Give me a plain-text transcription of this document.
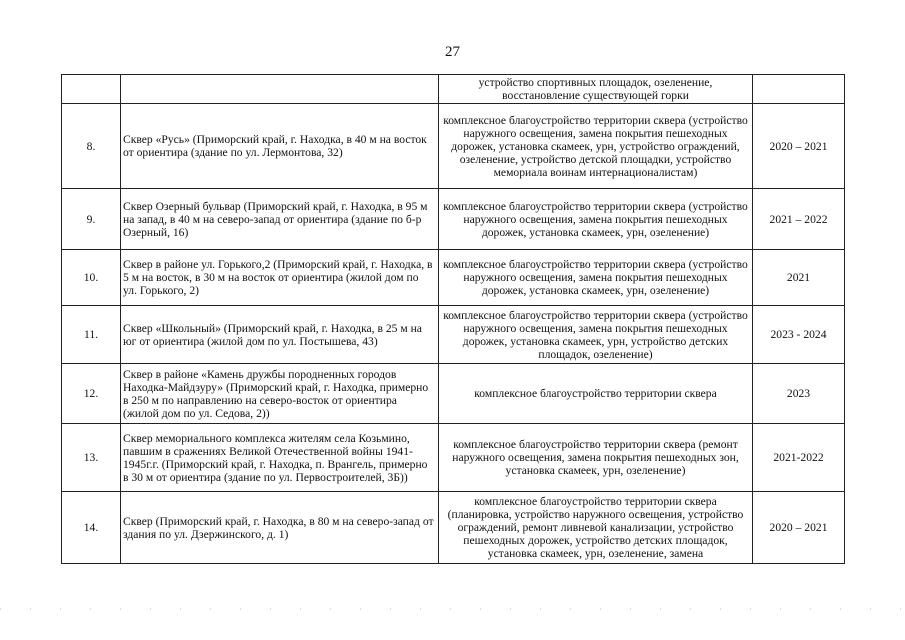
27
		устройство спортивных площадок, озеленение, восстановление существующей горки	
8.	Сквер «Русь» (Приморский край, г. Находка, в 40 м на восток от ориентира (здание по ул. Лермонтова, 32)	комплексное благоустройство территории сквера (устройство наружного освещения, замена покрытия пешеходных дорожек, установка скамеек, урн, устройство ограждений, озеленение, устройство детской площадки, устройство мемориала воинам интернационалистам)	2020 – 2021
9.	Сквер Озерный бульвар (Приморский край, г. Находка, в 95 м на запад, в 40 м на северо-запад от ориентира (здание по б-р Озерный, 16)	комплексное благоустройство территории сквера (устройство наружного освещения, замена покрытия пешеходных дорожек, установка скамеек, урн, озеленение)	2021 – 2022
10.	Сквер в районе ул. Горького,2 (Приморский край, г. Находка, в 5 м на восток, в 30 м на восток от ориентира (жилой дом по ул. Горького, 2)	комплексное благоустройство территории сквера (устройство наружного освещения, замена покрытия пешеходных дорожек, установка скамеек, урн, озеленение)	2021
11.	Сквер «Школьный» (Приморский край, г. Находка, в 25 м на юг от ориентира (жилой дом по ул. Постышева, 43)	комплексное благоустройство территории сквера (устройство наружного освещения, замена покрытия пешеходных дорожек, установка скамеек, урн, устройство детских площадок, озеленение)	2023 - 2024
12.	Сквер в районе «Камень дружбы породненных городов Находка-Майдзуру» (Приморский край, г. Находка, примерно в 250 м по направлению на северо-восток от ориентира (жилой дом по ул. Седова, 2))	комплексное благоустройство территории сквера	2023
13.	Сквер мемориального комплекса жителям села Козьмино, павшим в сражениях Великой Отечественной войны 1941-1945г.г. (Приморский край, г. Находка, п. Врангель, примерно в 30 м от ориентира (здание по ул. Первостроителей, 3Б))	комплексное благоустройство территории сквера (ремонт наружного освещения, замена покрытия пешеходных зон, установка скамеек, урн, озеленение)	2021-2022
14.	Сквер (Приморский край, г. Находка, в 80 м на северо-запад от здания по ул. Дзержинского, д. 1)	комплексное благоустройство территории сквера (планировка, устройство наружного освещения, устройство ограждений, ремонт ливневой канализации, устройство пешеходных дорожек, устройство детских площадок, установка скамеек, урн, озеленение, замена	2020 – 2021
